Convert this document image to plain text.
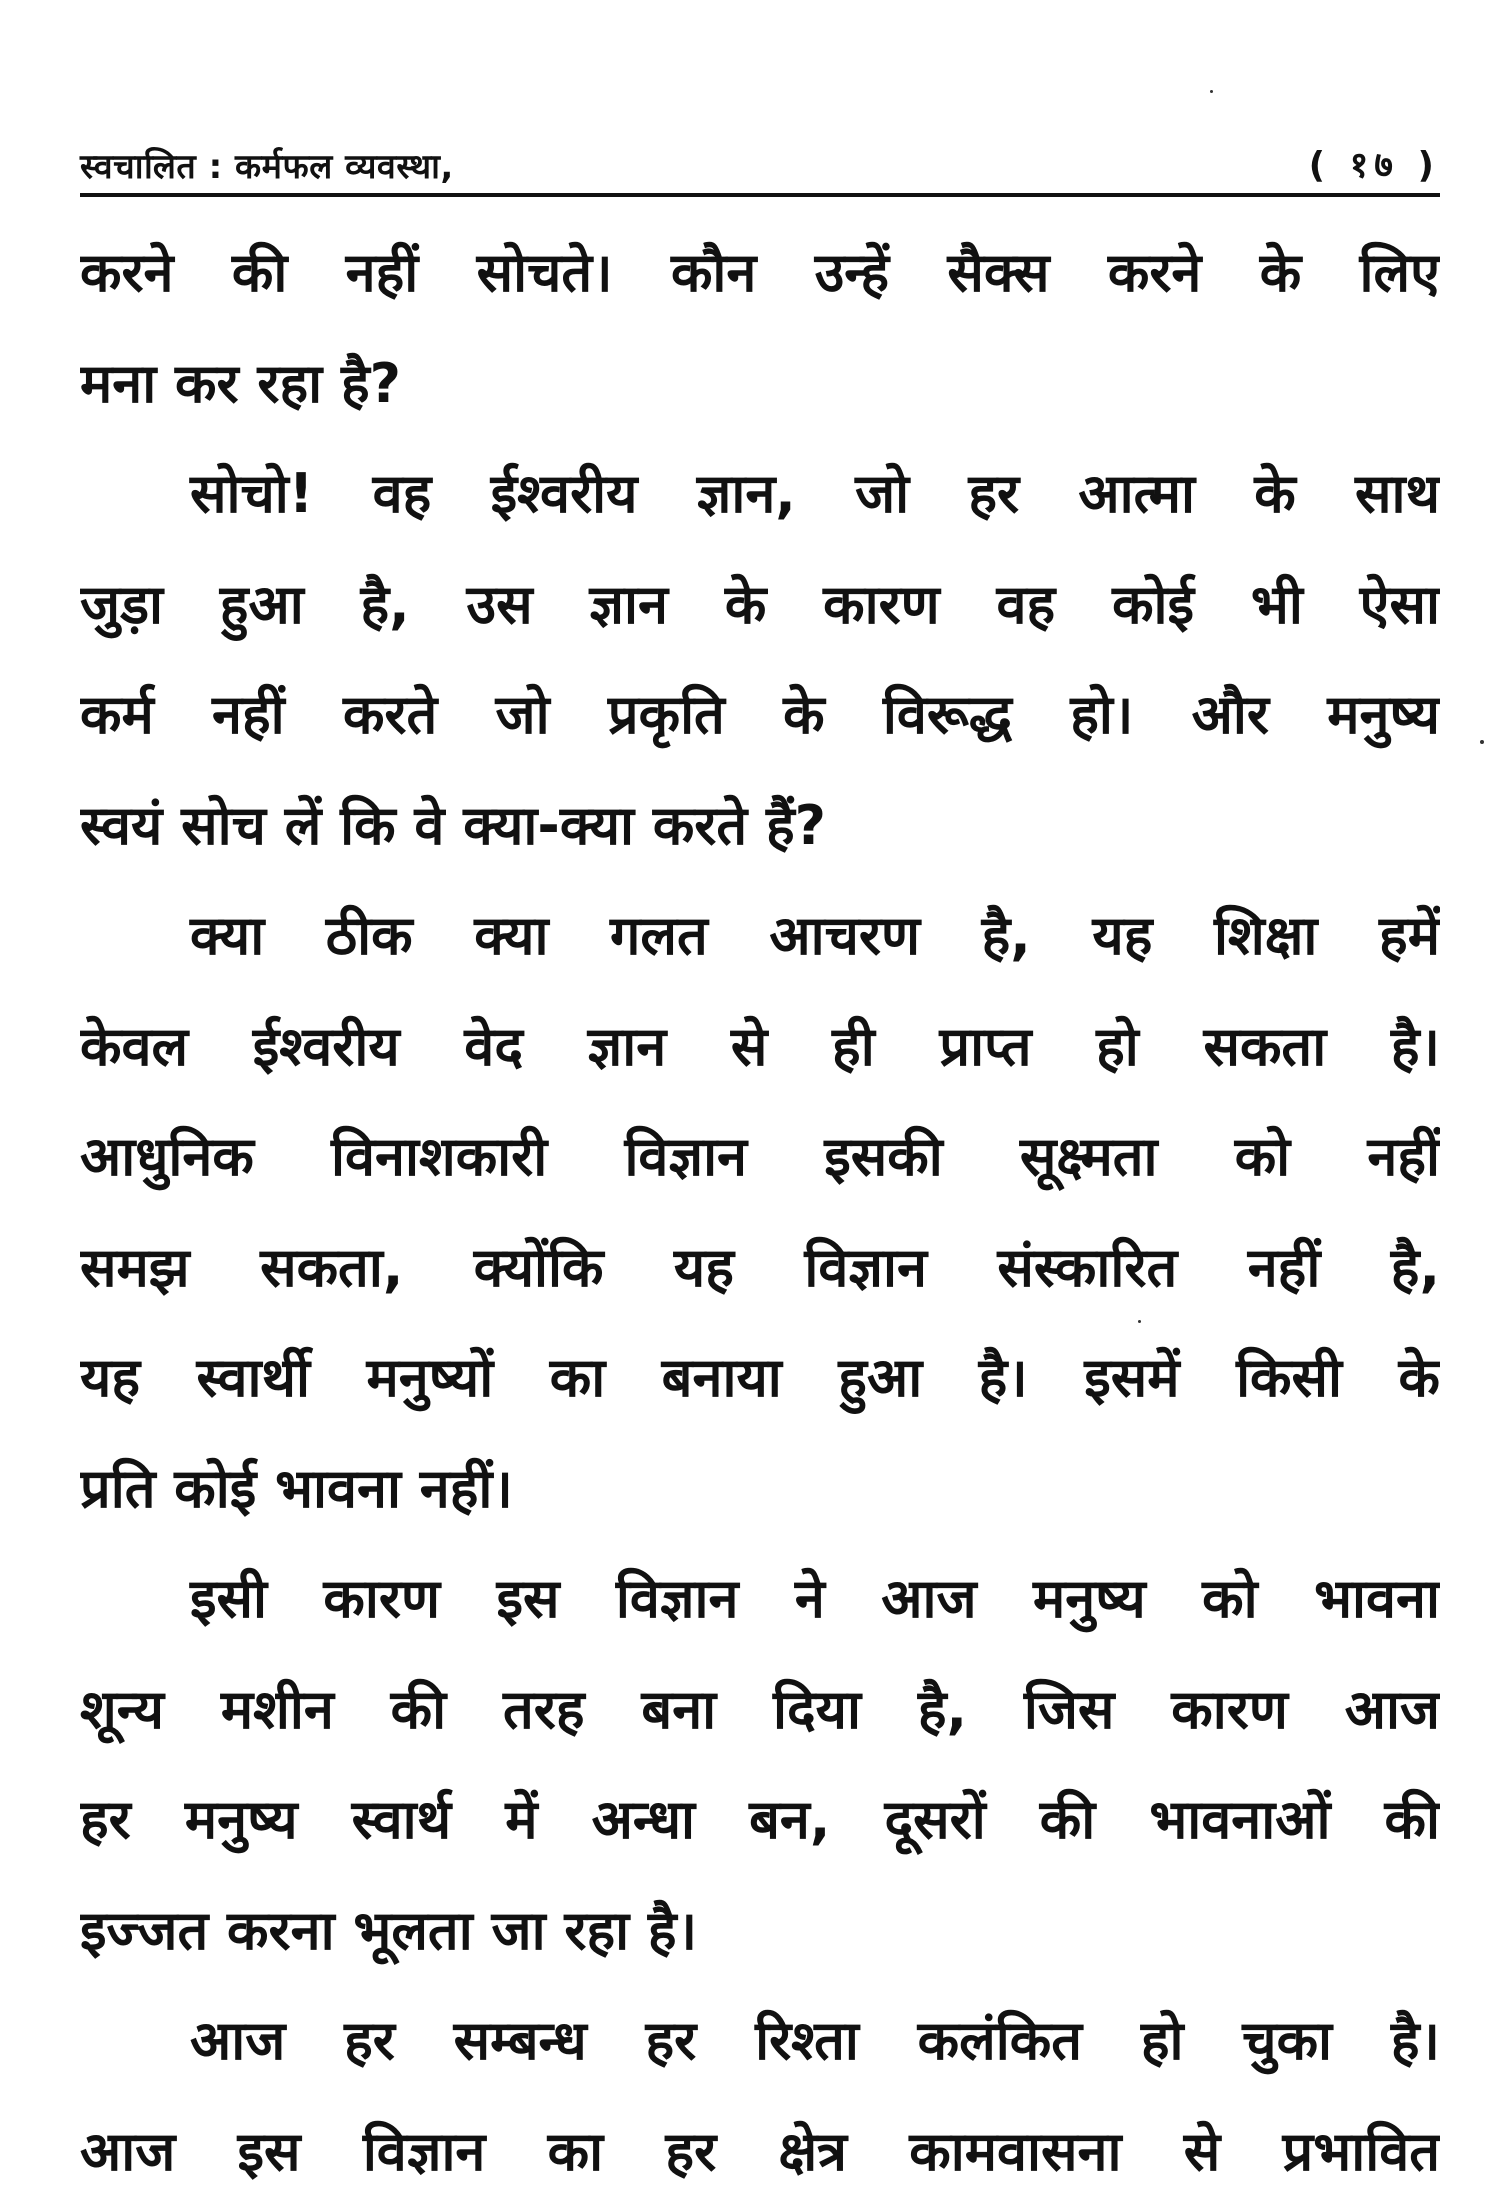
स्वचालित : कर्मफल व्यवस्था,	( १७ )
करने की नहीं सोचते। कौन उन्हें सैक्स करने के लिए
मना कर रहा है?
सोचो! वह ईश्वरीय ज्ञान, जो हर आत्मा के साथ
जुड़ा हुआ है, उस ज्ञान के कारण वह कोई भी ऐसा
कर्म नहीं करते जो प्रकृति के विरूद्ध हो। और मनुष्य
स्वयं सोच लें कि वे क्या-क्या करते हैं?
क्या ठीक क्या गलत आचरण है, यह शिक्षा हमें
केवल ईश्वरीय वेद ज्ञान से ही प्राप्त हो सकता है।
आधुनिक विनाशकारी विज्ञान इसकी सूक्ष्मता को नहीं
समझ सकता, क्योंकि यह विज्ञान संस्कारित नहीं है,
यह स्वार्थी मनुष्यों का बनाया हुआ है। इसमें किसी के
प्रति कोई भावना नहीं।
इसी कारण इस विज्ञान ने आज मनुष्य को भावना
शून्य मशीन की तरह बना दिया है, जिस कारण आज
हर मनुष्य स्वार्थ में अन्धा बन, दूसरों की भावनाओं की
इज्जत करना भूलता जा रहा है।
आज हर सम्बन्ध हर रिश्ता कलंकित हो चुका है।
आज इस विज्ञान का हर क्षेत्र कामवासना से प्रभावित
